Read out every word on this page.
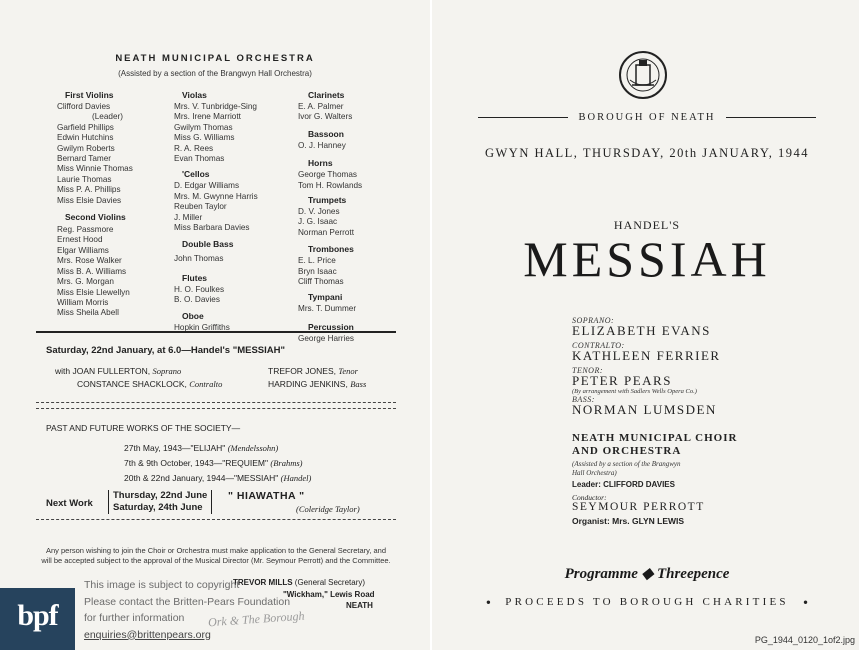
NEATH MUNICIPAL ORCHESTRA
(Assisted by a section of the Brangwyn Hall Orchestra)
First Violins
Clifford Davies
(Leader)
Garfield Phillips
Edwin Hutchins
Gwilym Roberts
Bernard Tamer
Miss Winnie Thomas
Laurie Thomas
Miss P. A. Phillips
Miss Elsie Davies
Second Violins
Reg. Passmore
Ernest Hood
Elgar Williams
Mrs. Rose Walker
Miss B. A. Williams
Mrs. G. Morgan
Miss Elsie Llewellyn
William Morris
Miss Sheila Abell
Violas
Mrs. V. Tunbridge-Sing
Mrs. Irene Marriott
Gwilym Thomas
Miss G. Williams
R. A. Rees
Evan Thomas
'Cellos
D. Edgar Williams
Mrs. M. Gwynne Harris
Reuben Taylor
J. Miller
Miss Barbara Davies
Double Bass
John Thomas
Flutes
H. O. Foulkes
B. O. Davies
Oboe
Hopkin Griffiths
Clarinets
E. A. Palmer
Ivor G. Walters
Bassoon
O. J. Hanney
Horns
George Thomas
Tom H. Rowlands
Trumpets
D. V. Jones
J. G. Isaac
Norman Perrott
Trombones
E. L. Price
Bryn Isaac
Cliff Thomas
Tympani
Mrs. T. Dummer
Percussion
George Harries
Saturday, 22nd January, at 6.0—Handel's "MESSIAH"
with JOAN FULLERTON, Soprano	TREFOR JONES, Tenor
CONSTANCE SHACKLOCK, Contralto	HARDING JENKINS, Bass
PAST AND FUTURE WORKS OF THE SOCIETY—
27th May, 1943—"ELIJAH" (Mendelssohn)
7th & 9th October, 1943—"REQUIEM" (Brahms)
20th & 22nd January, 1944—"MESSIAH" (Handel)
Next Work
Thursday, 22nd June
Saturday, 24th June
" HIAWATHA "
(Coleridge Taylor)
Any person wishing to join the Choir or Orchestra must make application to the General Secretary, and will be accepted subject to the approval of the Musical Director (Mr. Seymour Perrott) and the Committee.
TREVOR MILLS (General Secretary)
"Wickham," Lewis Road
NEATH
Ork & The Borough
bpf
This image is subject to copyright
Please contact the Britten-Pears Foundation
for further information
enquiries@brittenpears.org
BOROUGH OF NEATH
GWYN HALL, THURSDAY, 20th JANUARY, 1944
HANDEL'S
MESSIAH
SOPRANO:
ELIZABETH EVANS
CONTRALTO:
KATHLEEN FERRIER
TENOR:
PETER PEARS
(By arrangement with Sadlers Wells Opera Co.)
BASS:
NORMAN LUMSDEN
NEATH MUNICIPAL CHOIR
AND ORCHESTRA
(Assisted by a section of the Brangwyn
Hall Orchestra)
Leader: CLIFFORD DAVIES
Conductor:
SEYMOUR PERROTT
Organist: Mrs. GLYN LEWIS
Programme ◆ Threepence
● PROCEEDS TO BOROUGH CHARITIES ●
PG_1944_0120_1of2.jpg
